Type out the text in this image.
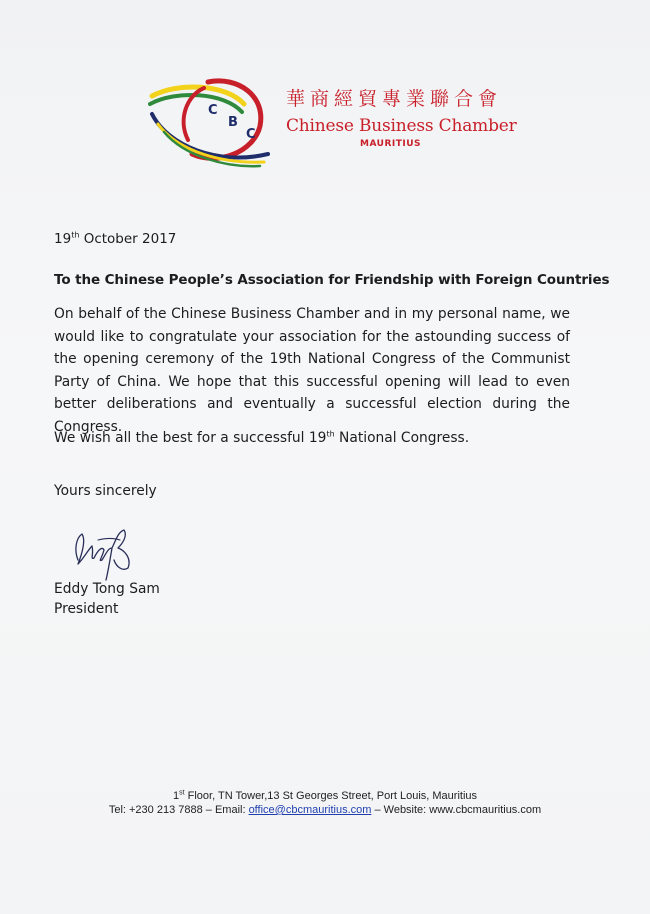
C
B
C
華商經貿專業聯合會
Chinese Business Chamber
MAURITIUS
19th October 2017
To the Chinese People’s Association for Friendship with Foreign Countries
On behalf of the Chinese Business Chamber and in my personal name, we would like to congratulate your association for the astounding success of the opening ceremony of the 19th National Congress of the Communist Party of China. We hope that this successful opening will lead to even better deliberations and eventually a successful election during the Congress.
We wish all the best for a successful 19th National Congress.
Yours sincerely
Eddy Tong Sam
President
1st Floor, TN Tower,13 St Georges Street, Port Louis, Mauritius
Tel: +230 213 7888 – Email: office@cbcmauritius.com – Website: www.cbcmauritius.com
